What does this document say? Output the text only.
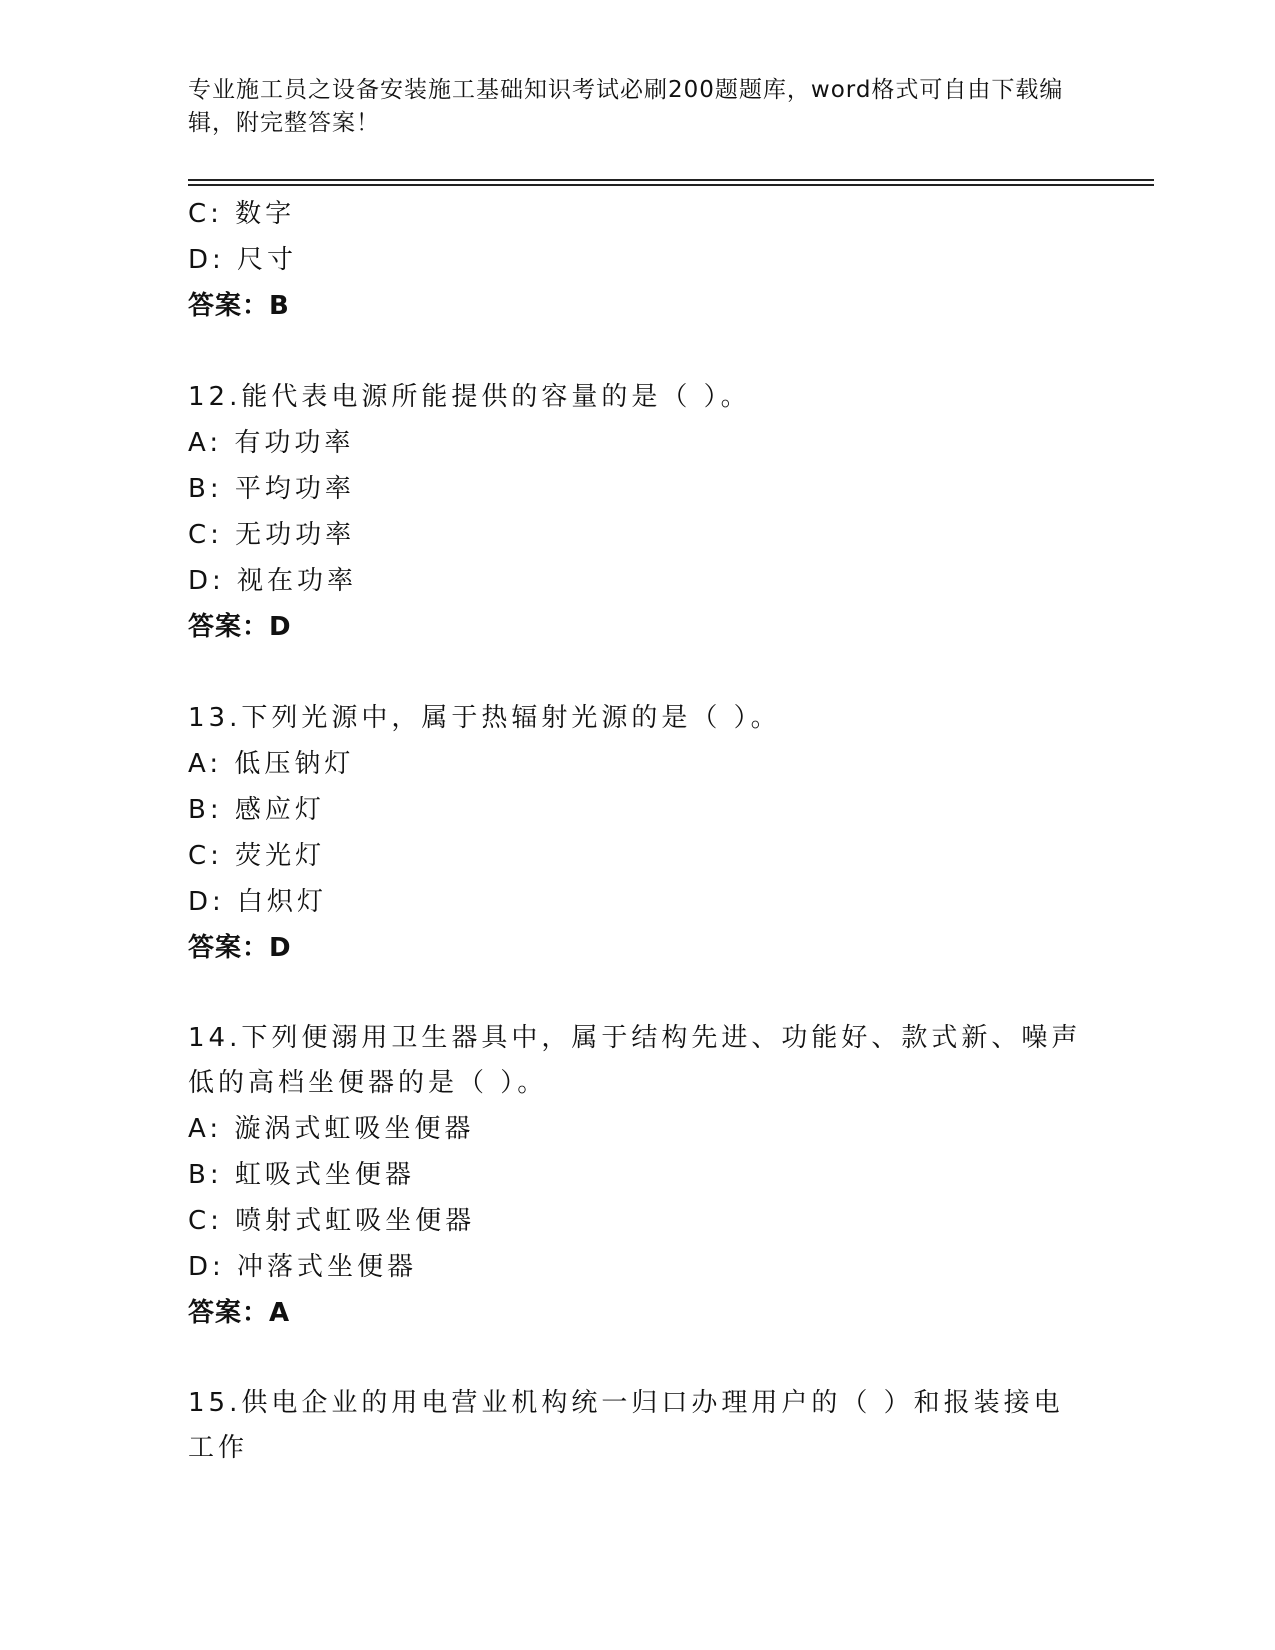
专业施工员之设备安装施工基础知识考试必刷200题题库，word格式可自由下载编辑，附完整答案！
C: 数字
D: 尺寸
答案：B
12.能代表电源所能提供的容量的是（ ）。
A: 有功功率
B: 平均功率
C: 无功功率
D: 视在功率
答案：D
13.下列光源中，属于热辐射光源的是（ ）。
A: 低压钠灯
B: 感应灯
C: 荧光灯
D: 白炽灯
答案：D

14.下列便溺用卫生器具中，属于结构先进、功能好、款式新、噪声低的高档坐便器的是（ ）。

A: 漩涡式虹吸坐便器
B: 虹吸式坐便器
C: 喷射式虹吸坐便器
D: 冲落式坐便器
答案：A

15.供电企业的用电营业机构统一归口办理用户的（ ）和报装接电工作
